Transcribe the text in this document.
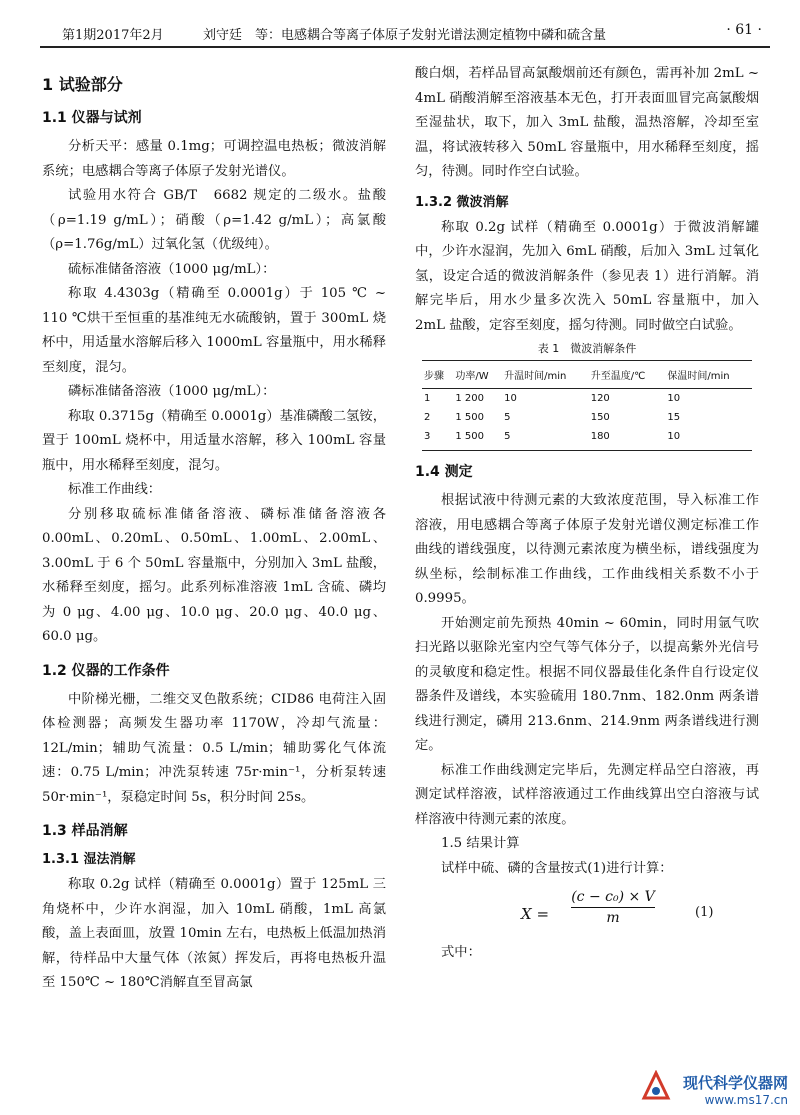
第1期2017年2月	刘守廷　等：电感耦合等离子体原子发射光谱法测定植物中磷和硫含量	· 61 ·
1 试验部分
1.1 仪器与试剂

分析天平：感量 0.1mg；可调控温电热板；微波消解系统；电感耦合等离子体原子发射光谱仪。

试验用水符合 GB/T　6682 规定的二级水。盐酸（ρ=1.19 g/mL）；硝酸（ρ=1.42 g/mL）；高氯酸（ρ=1.76g/mL）过氧化氢（优级纯）。

硫标准储备溶液（1000 μg/mL）：

称取 4.4303g（精确至 0.0001g）于 105 ℃ ~ 110 ℃烘干至恒重的基准纯无水硫酸钠，置于 300mL 烧杯中，用适量水溶解后移入 1000mL 容量瓶中，用水稀释至刻度，混匀。

磷标准储备溶液（1000 μg/mL）：

称取 0.3715g（精确至 0.0001g）基准磷酸二氢铵，置于 100mL 烧杯中，用适量水溶解，移入 100mL 容量瓶中，用水稀释至刻度，混匀。

标准工作曲线：

分别移取硫标准储备溶液、磷标准储备溶液各 0.00mL、0.20mL、0.50mL、1.00mL、2.00mL、3.00mL 于 6 个 50mL 容量瓶中，分别加入 3mL 盐酸，水稀释至刻度，摇匀。此系列标准溶液 1mL 含硫、磷均为 0 μg、4.00 μg、10.0 μg、20.0 μg、40.0 μg、60.0 μg。

1.2 仪器的工作条件

中阶梯光栅，二维交叉色散系统；CID86 电荷注入固体检测器；高频发生器功率 1170W，冷却气流量：12L/min；辅助气流量：0.5 L/min；辅助雾化气体流速：0.75 L/min；冲洗泵转速 75r·min⁻¹，分析泵转速 50r·min⁻¹，泵稳定时间 5s，积分时间 25s。

1.3 样品消解
1.3.1 湿法消解

称取 0.2g 试样（精确至 0.0001g）置于 125mL 三角烧杯中，少许水润湿，加入 10mL 硝酸，1mL 高氯酸，盖上表面皿，放置 10min 左右，电热板上低温加热消解，待样品中大量气体（浓氮）挥发后，再将电热板升温至 150℃ ~ 180℃消解直至冒高氯

酸白烟，若样品冒高氯酸烟前还有颜色，需再补加 2mL ~ 4mL 硝酸消解至溶液基本无色，打开表面皿冒完高氯酸烟至湿盐状，取下，加入 3mL 盐酸，温热溶解，冷却至室温，将试液转移入 50mL 容量瓶中，用水稀释至刻度，摇匀，待测。同时作空白试验。

1.3.2 微波消解

称取 0.2g 试样（精确至 0.0001g）于微波消解罐中，少许水湿润，先加入 6mL 硝酸，后加入 3mL 过氧化氢，设定合适的微波消解条件（参见表 1）进行消解。消解完毕后，用水少量多次洗入 50mL 容量瓶中，加入 2mL 盐酸，定容至刻度，摇匀待测。同时做空白试验。

表 1　微波消解条件
步骤	功率/W	升温时间/min	升至温度/℃	保温时间/min
1	1 200	10	120	10
2	1 500	5	150	15
3	1 500	5	180	10
1.4 测定

根据试液中待测元素的大致浓度范围，导入标准工作溶液，用电感耦合等离子体原子发射光谱仪测定标准工作曲线的谱线强度，以待测元素浓度为横坐标，谱线强度为纵坐标，绘制标准工作曲线，工作曲线相关系数不小于 0.9995。

开始测定前先预热 40min ~ 60min，同时用氩气吹扫光路以驱除光室内空气等气体分子，以提高紫外光信号的灵敏度和稳定性。根据不同仪器最佳化条件自行设定仪器条件及谱线，本实验硫用 180.7nm、182.0nm 两条谱线进行测定，磷用 213.6nm、214.9nm 两条谱线进行测定。

标准工作曲线测定完毕后，先测定样品空白溶液，再测定试样溶液，试样溶液通过工作曲线算出空白溶液与试样溶液中待测元素的浓度。

1.5 结果计算

试样中硫、磷的含量按式(1)进行计算：

$X = \frac{\text{(c − c₀) × V}}{m}$	(1)

式中：

现代科学仪器网
www.ms17.cn
